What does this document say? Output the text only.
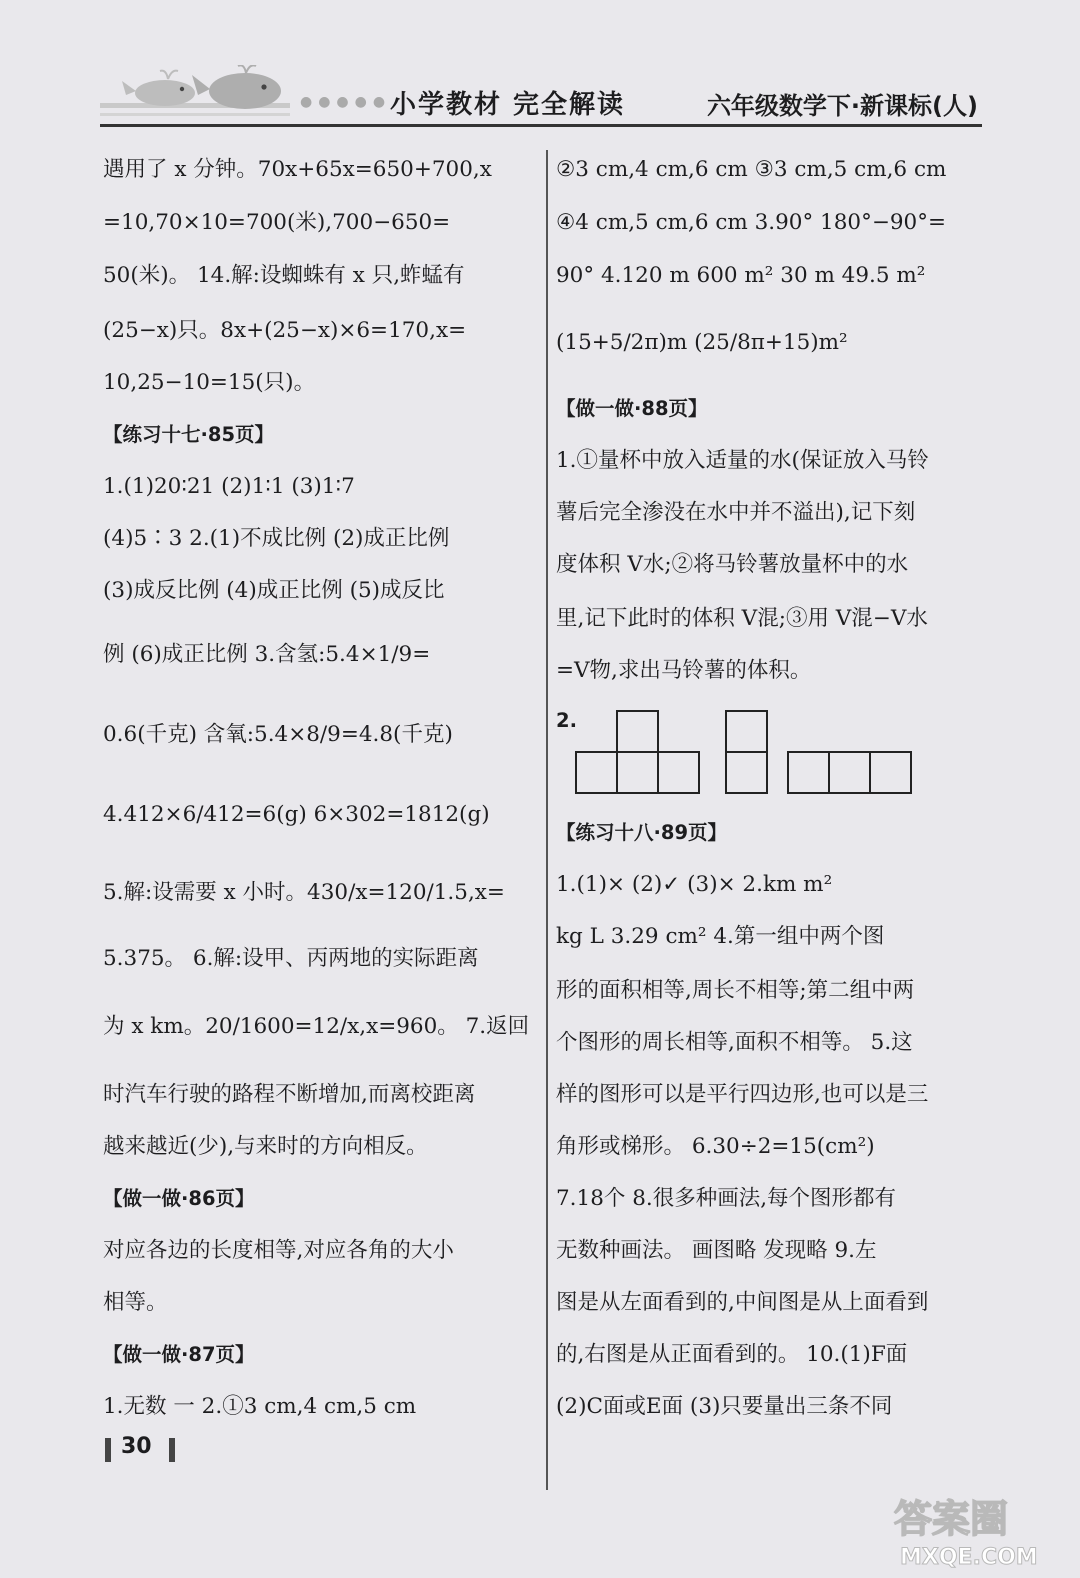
●●●●●
小学教材 完全解读	六年级数学下·新课标(人)
遇用了 x 分钟。70x+65x=650+700,x
=10,70×10=700(米),700−650=
50(米)。 14.解:设蜘蛛有 x 只,蚱蜢有
(25−x)只。8x+(25−x)×6=170,x=
10,25−10=15(只)。
【练习十七·85页】
1.(1)20∶21 (2)1∶1 (3)1∶7
(4)5∶3 2.(1)不成比例 (2)成正比例
(3)成反比例 (4)成正比例 (5)成反比
例 (6)成正比例 3.含氢:5.4×1/9=
0.6(千克) 含氧:5.4×8/9=4.8(千克)
4.412×6/412=6(g) 6×302=1812(g)
5.解:设需要 x 小时。430/x=120/1.5,x=
5.375。 6.解:设甲、丙两地的实际距离
为 x km。20/1600=12/x,x=960。 7.返回
时汽车行驶的路程不断增加,而离校距离
越来越近(少),与来时的方向相反。
【做一做·86页】
对应各边的长度相等,对应各角的大小
相等。
【做一做·87页】
1.无数 一 2.①3 cm,4 cm,5 cm
②3 cm,4 cm,6 cm ③3 cm,5 cm,6 cm
④4 cm,5 cm,6 cm 3.90° 180°−90°=
90° 4.120 m 600 m² 30 m 49.5 m²
(15+5/2π)m (25/8π+15)m²
【做一做·88页】
1.①量杯中放入适量的水(保证放入马铃
薯后完全渗没在水中并不溢出),记下刻
度体积 V水;②将马铃薯放量杯中的水
里,记下此时的体积 V混;③用 V混−V水
=V物,求出马铃薯的体积。
2.
【练习十八·89页】
1.(1)× (2)✓ (3)× 2.km m²
kg L 3.29 cm² 4.第一组中两个图
形的面积相等,周长不相等;第二组中两
个图形的周长相等,面积不相等。 5.这
样的图形可以是平行四边形,也可以是三
角形或梯形。 6.30÷2=15(cm²)
7.18个 8.很多种画法,每个图形都有
无数种画法。 画图略 发现略 9.左
图是从左面看到的,中间图是从上面看到
的,右图是从正面看到的。 10.(1)F面
(2)C面或E面 (3)只要量出三条不同
30
答案圈
MXQE.COM
